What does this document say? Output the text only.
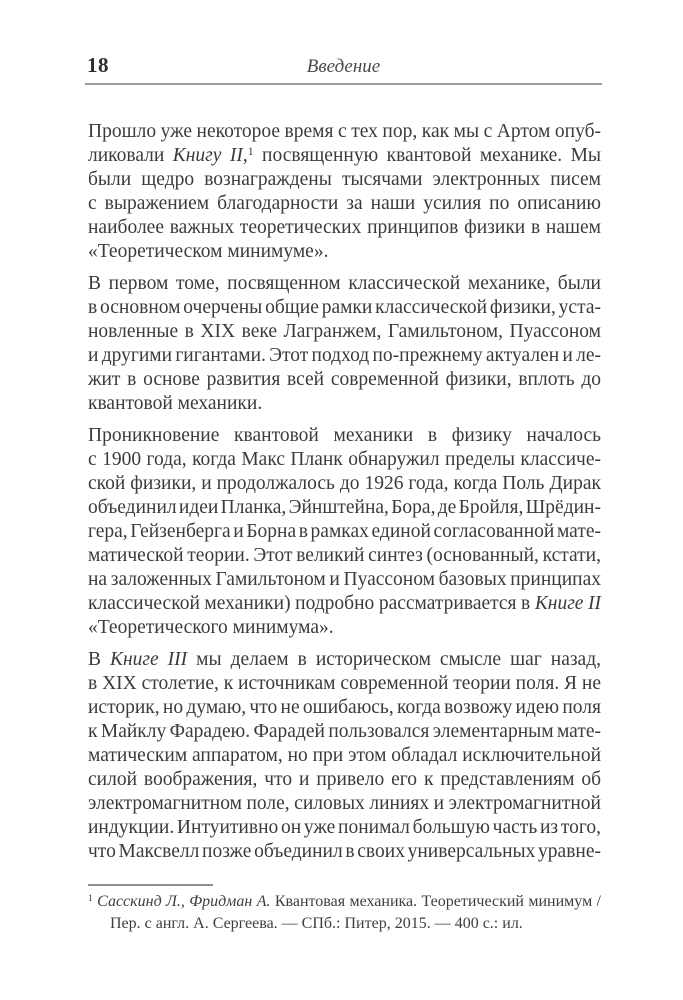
18	Введение
Прошло уже некоторое время с тех пор, как мы с Артом опуб-
ликовали Книгу II,$^1$ посвященную квантовой механике. Мы
были щедро вознаграждены тысячами электронных писем
с выражением благодарности за наши усилия по описанию
наиболее важных теоретических принципов физики в нашем
«Теоретическом минимуме».
В первом томе, посвященном классической механике, были
в основном очерчены общие рамки классической физики, уста-
новленные в XIX веке Лагранжем, Гамильтоном, Пуассоном
и другими гигантами. Этот подход по-прежнему актуален и ле-
жит в основе развития всей современной физики, вплоть до
квантовой механики.
Проникновение квантовой механики в физику началось
с 1900 года, когда Макс Планк обнаружил пределы классиче-
ской физики, и продолжалось до 1926 года, когда Поль Дирак
объединил идеи Планка, Эйнштейна, Бора, де Бройля, Шрёдин-
гера, Гейзенберга и Борна в рамках единой согласованной мате-
матической теории. Этот великий синтез (основанный, кстати,
на заложенных Гамильтоном и Пуассоном базовых принципах
классической механики) подробно рассматривается в Книге II
«Теоретического минимума».
В Книге III мы делаем в историческом смысле шаг назад,
в XIX столетие, к источникам современной теории поля. Я не
историк, но думаю, что не ошибаюсь, когда возвожу идею поля
к Майклу Фарадею. Фарадей пользовался элементарным мате-
матическим аппаратом, но при этом обладал исключительной
силой воображения, что и привело его к представлениям об
электромагнитном поле, силовых линиях и электромагнитной
индукции. Интуитивно он уже понимал большую часть из того,
что Максвелл позже объединил в своих универсальных уравне-
$^1$ Сасскинд Л., Фридман А. Квантовая механика. Теоретический минимум /
Пер. с англ. А. Сергеева. — СПб.: Питер, 2015. — 400 с.: ил.
